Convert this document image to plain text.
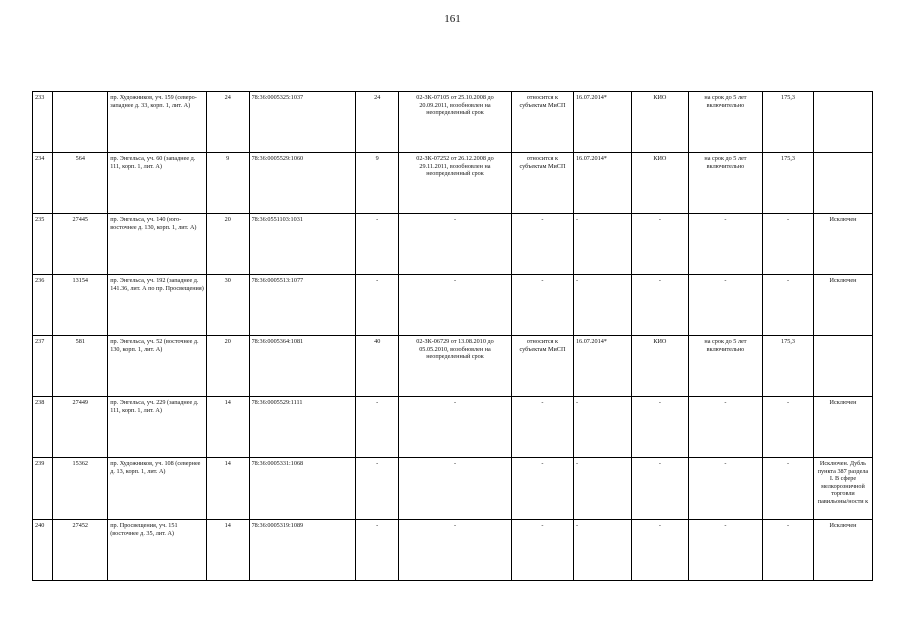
161
233		пр. Художников, уч. 159 (северо-западнее д. 33, корп. 1, лит. А)	24	78:36:0005325:1037	24	02-ЗК-07105 от 25.10.2008 до 20.09.2011, возобновлен на неопределенный срок	относится к субъектам МиСП	16.07.2014*	КИО	на срок до 5 лет включительно	175,3	
234	564	пр. Энгельса, уч. 60 (западнее д. 111, корп. 1, лит. А)	9	78:36:0005529:1060	9	02-ЗК-07252 от 26.12.2008 до 29.11.2011, возобновлен на неопределенный срок	относится к субъектам МиСП	16.07.2014*	КИО	на срок до 5 лет включительно	175,3	
235	27445	пр. Энгельса, уч. 140 (юго-восточнее д. 130, корп. 1, лит. А)	20	78:36:0551103:1031	-	-	-	-	-	-	-	Исключен
236	13154	пр. Энгельса, уч. 192 (западнее д. 141.36, лит. А по пр. Просвещения)	30	78:36:0005513:1077	-	-	-	-	-	-	-	Исключен
237	581	пр. Энгельса, уч. 52 (восточнее д. 130, корп. 1, лит. А)	20	78:36:0005364:1081	40	02-ЗК-06729 от 13.08.2010 до 05.05.2010, возобновлен на неопределенный срок	относится к субъектам МиСП	16.07.2014*	КИО	на срок до 5 лет включительно	175,3	
238	27449	пр. Энгельса, уч. 229 (западнее д. 111, корп. 1, лит. А)	14	78:36:0005529:1111	-	-	-	-	-	-	-	Исключен
239	15362	пр. Художников, уч. 108 (севернее д. 13, корп. 1, лит. А)	14	78:36:0005331:1068	-	-	-	-	-	-	-	Исключен. Дубль пункта 387 раздела I. В сфере мелкорозничной торговли павильоны/ности к
240	27452	пр. Просвещения, уч. 151 (восточнее д. 35, лит. А)	14	78:36:0005319:1089	-	-	-	-	-	-	-	Исключен
